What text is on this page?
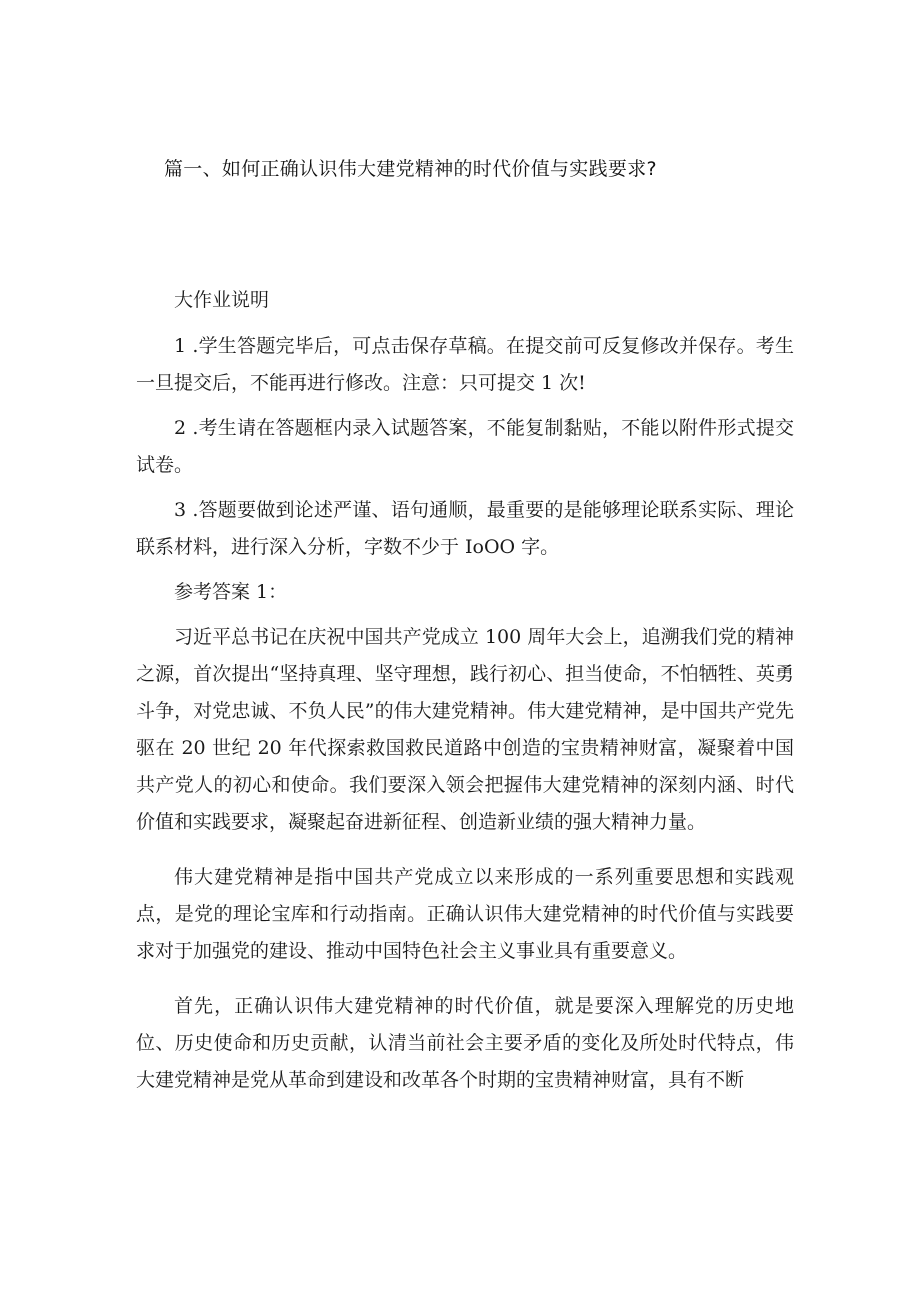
篇一、如何正确认识伟大建党精神的时代价值与实践要求?

大作业说明

1 .学生答题完毕后，可点击保存草稿。在提交前可反复修改并保存。考生一旦提交后，不能再进行修改。注意：只可提交 1 次!

2 .考生请在答题框内录入试题答案，不能复制黏贴，不能以附件形式提交试卷。

3 .答题要做到论述严谨、语句通顺，最重要的是能够理论联系实际、理论联系材料，进行深入分析，字数不少于 IoOO 字。

参考答案 1：

习近平总书记在庆祝中国共产党成立 100 周年大会上，追溯我们党的精神之源，首次提出“坚持真理、坚守理想，践行初心、担当使命，不怕牺牲、英勇斗争，对党忠诚、不负人民”的伟大建党精神。伟大建党精神，是中国共产党先驱在 20 世纪 20 年代探索救国救民道路中创造的宝贵精神财富，凝聚着中国共产党人的初心和使命。我们要深入领会把握伟大建党精神的深刻内涵、时代价值和实践要求，凝聚起奋进新征程、创造新业绩的强大精神力量。

伟大建党精神是指中国共产党成立以来形成的一系列重要思想和实践观点，是党的理论宝库和行动指南。正确认识伟大建党精神的时代价值与实践要求对于加强党的建设、推动中国特色社会主义事业具有重要意义。

首先，正确认识伟大建党精神的时代价值，就是要深入理解党的历史地位、历史使命和历史贡献，认清当前社会主要矛盾的变化及所处时代特点，伟大建党精神是党从革命到建设和改革各个时期的宝贵精神财富，具有不断
